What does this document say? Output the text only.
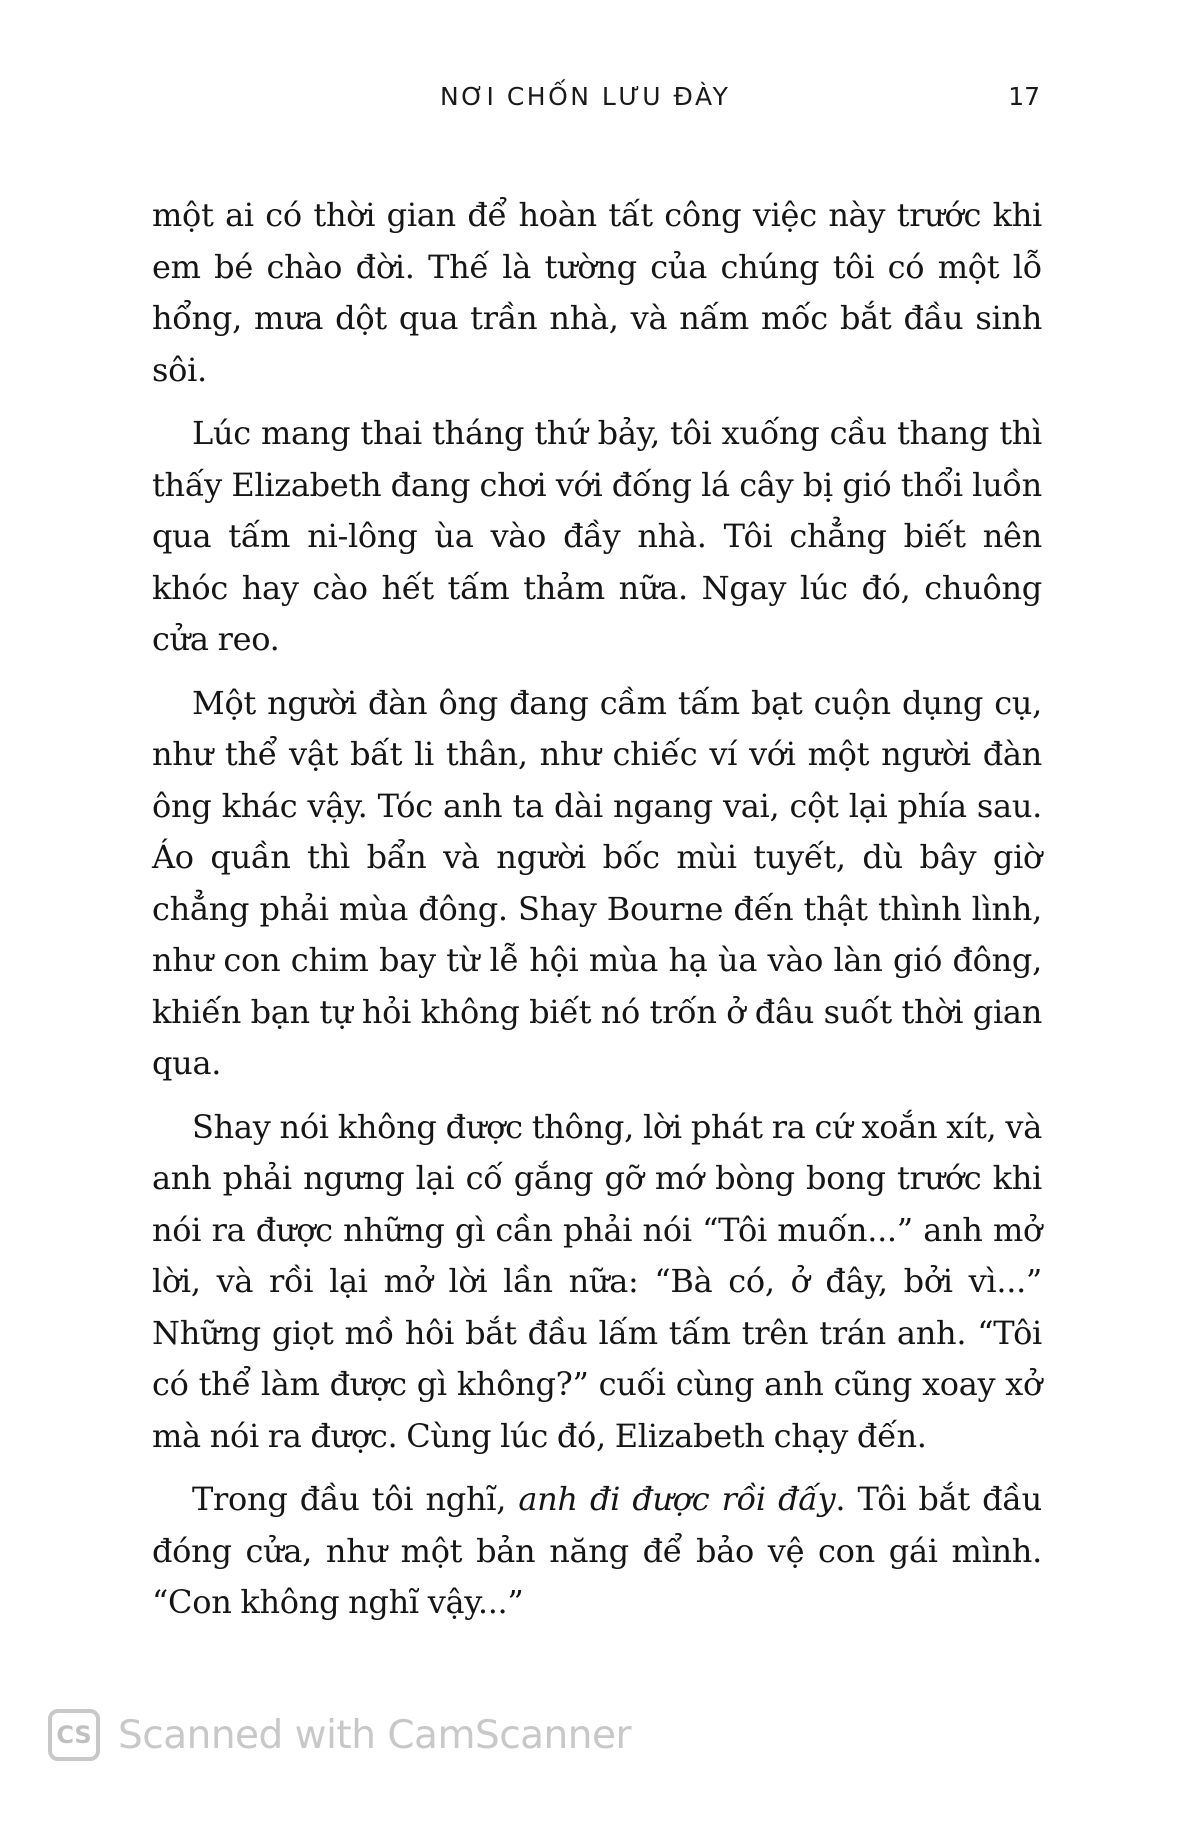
NƠI CHỐN LƯU ĐÀY	17

một ai có thời gian để hoàn tất công việc này trước khi em bé chào đời. Thế là tường của chúng tôi có một lỗ hổng, mưa dột qua trần nhà, và nấm mốc bắt đầu sinh sôi.

Lúc mang thai tháng thứ bảy, tôi xuống cầu thang thì thấy Elizabeth đang chơi với đống lá cây bị gió thổi luồn qua tấm ni-lông ùa vào đầy nhà. Tôi chẳng biết nên khóc hay cào hết tấm thảm nữa. Ngay lúc đó, chuông cửa reo.

Một người đàn ông đang cầm tấm bạt cuộn dụng cụ, như thể vật bất li thân, như chiếc ví với một người đàn ông khác vậy. Tóc anh ta dài ngang vai, cột lại phía sau. Áo quần thì bẩn và người bốc mùi tuyết, dù bây giờ chẳng phải mùa đông. Shay Bourne đến thật thình lình, như con chim bay từ lễ hội mùa hạ ùa vào làn gió đông, khiến bạn tự hỏi không biết nó trốn ở đâu suốt thời gian qua.

Shay nói không được thông, lời phát ra cứ xoắn xít, và anh phải ngưng lại cố gắng gỡ mớ bòng bong trước khi nói ra được những gì cần phải nói “Tôi muốn...” anh mở lời, và rồi lại mở lời lần nữa: “Bà có, ở đây, bởi vì...” Những giọt mồ hôi bắt đầu lấm tấm trên trán anh. “Tôi có thể làm được gì không?” cuối cùng anh cũng xoay xở mà nói ra được. Cùng lúc đó, Elizabeth chạy đến.

Trong đầu tôi nghĩ, anh đi được rồi đấy. Tôi bắt đầu đóng cửa, như một bản năng để bảo vệ con gái mình. “Con không nghĩ vậy...”

CS Scanned with CamScanner
